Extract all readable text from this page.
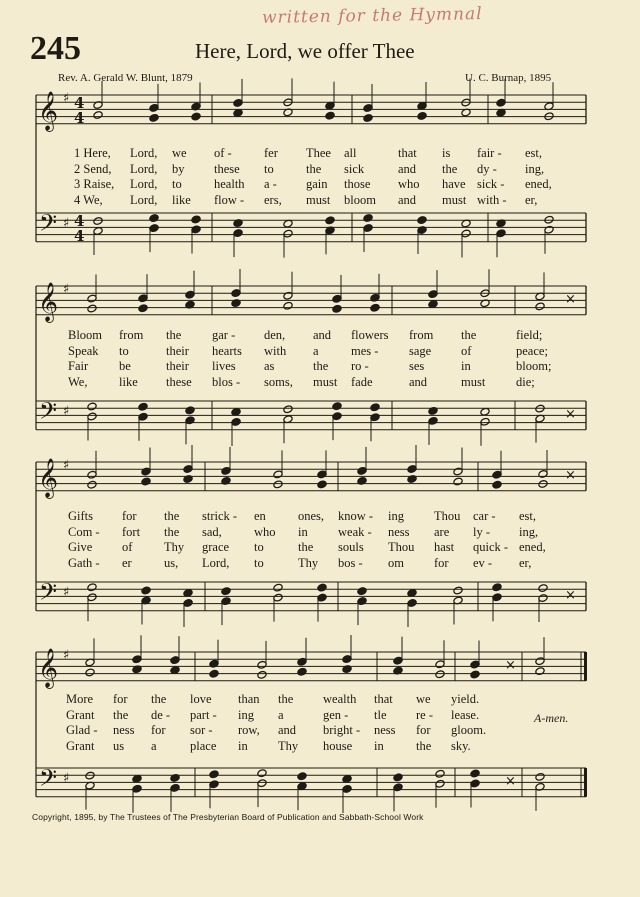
written for the Hymnal
245	Here, Lord, we offer Thee
Rev. A. Gerald W. Blunt, 1879	U. C. Burnap, 1895
𝄞
𝄢
♯
♯
4
4
4
4
𝄞
𝄢
♯
♯
×
×
𝄞
𝄢
♯
♯
×
×
𝄞
𝄢
♯
♯
×
×
1 Here, Lord, we of -	fer Thee all	that is fair - est,
2 Send, Lord, by these to	the sick	and the dy - ing,
3 Raise, Lord, to	health a - gain those who have sick - ened,
4 We, Lord, like flow - ers, must bloom and must with - er,
Bloom from the gar - den, and flowers from the	field;
Speak to	their hearts with a	mes - sage of	peace;
Fair be	their lives as	the ro -	ses	in	bloom;
We,	like these blos - soms, must fade	and	must die;
Gifts for the strick - en	ones, know - ing Thou car - est,
Com - fort the sad,	who in weak - ness are ly - ing,
Give of	Thy grace to	the souls Thou hast quick - ened,
Gath - er	us, Lord, to	Thy bos - om for ev - er,
More for the love than the wealth that we yield.
Grant the de - part - ing a	gen - tle re - lease.
Glad - ness for sor - row, and bright - ness for gloom.
Grant us a	place in Thy house in	the sky.
A-men.
Copyright, 1895, by The Trustees of The Presbyterian Board of Publication and Sabbath-School Work
